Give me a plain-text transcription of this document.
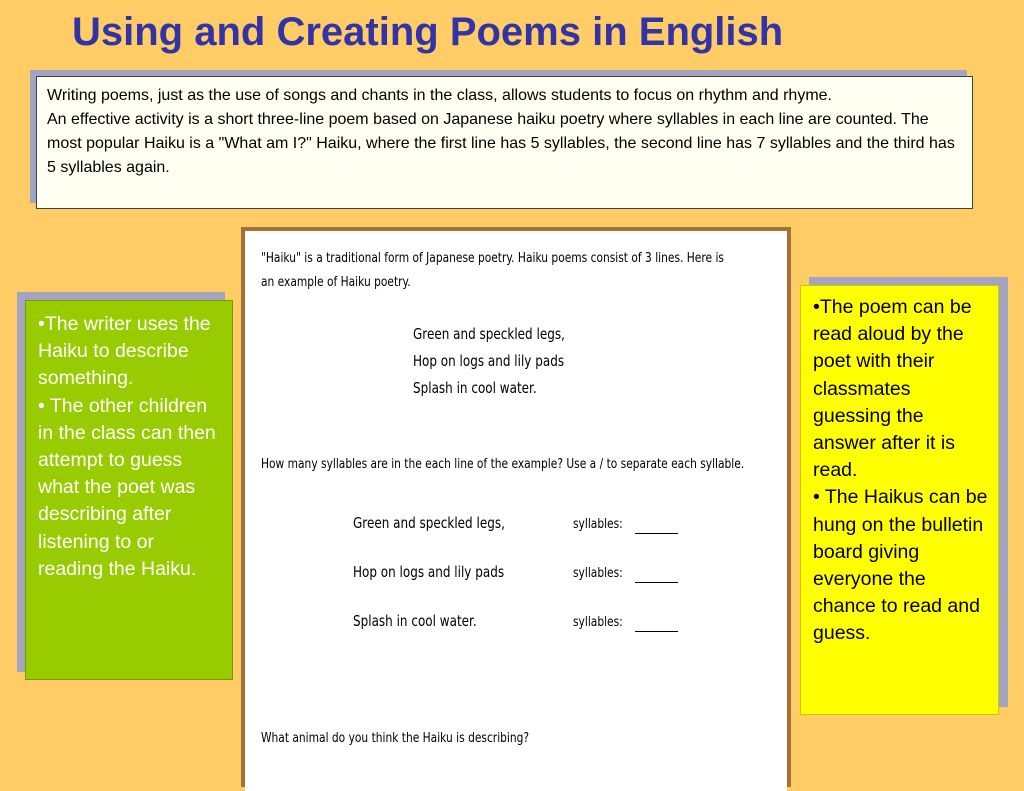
Using and Creating Poems in English

Writing poems, just as the use of songs and chants in the class, allows students to focus on rhythm and rhyme.

An effective activity is a short three-line poem based on Japanese haiku poetry where syllables in each line are counted. The most popular Haiku is a "What am I?" Haiku, where the first line has 5 syllables, the second line has 7 syllables and the third has 5 syllables again.

•The writer uses the Haiku to describe something.

• The other children in the class can then attempt to guess what the poet was describing after listening to or reading the Haiku.

•The poem can be read aloud by the poet with their classmates guessing the answer after it is read.

• The Haikus can be hung on the bulletin board giving everyone the chance to read and guess.

"Haiku" is a traditional form of Japanese poetry. Haiku poems consist of 3 lines. Here is
an example of Haiku poetry.
Green and speckled legs,
Hop on logs and lily pads
Splash in cool water.
How many syllables are in the each line of the example? Use a / to separate each syllable.
Green and speckled legs,	syllables:
Hop on logs and lily pads	syllables:
Splash in cool water.	syllables:
What animal do you think the Haiku is describing?
